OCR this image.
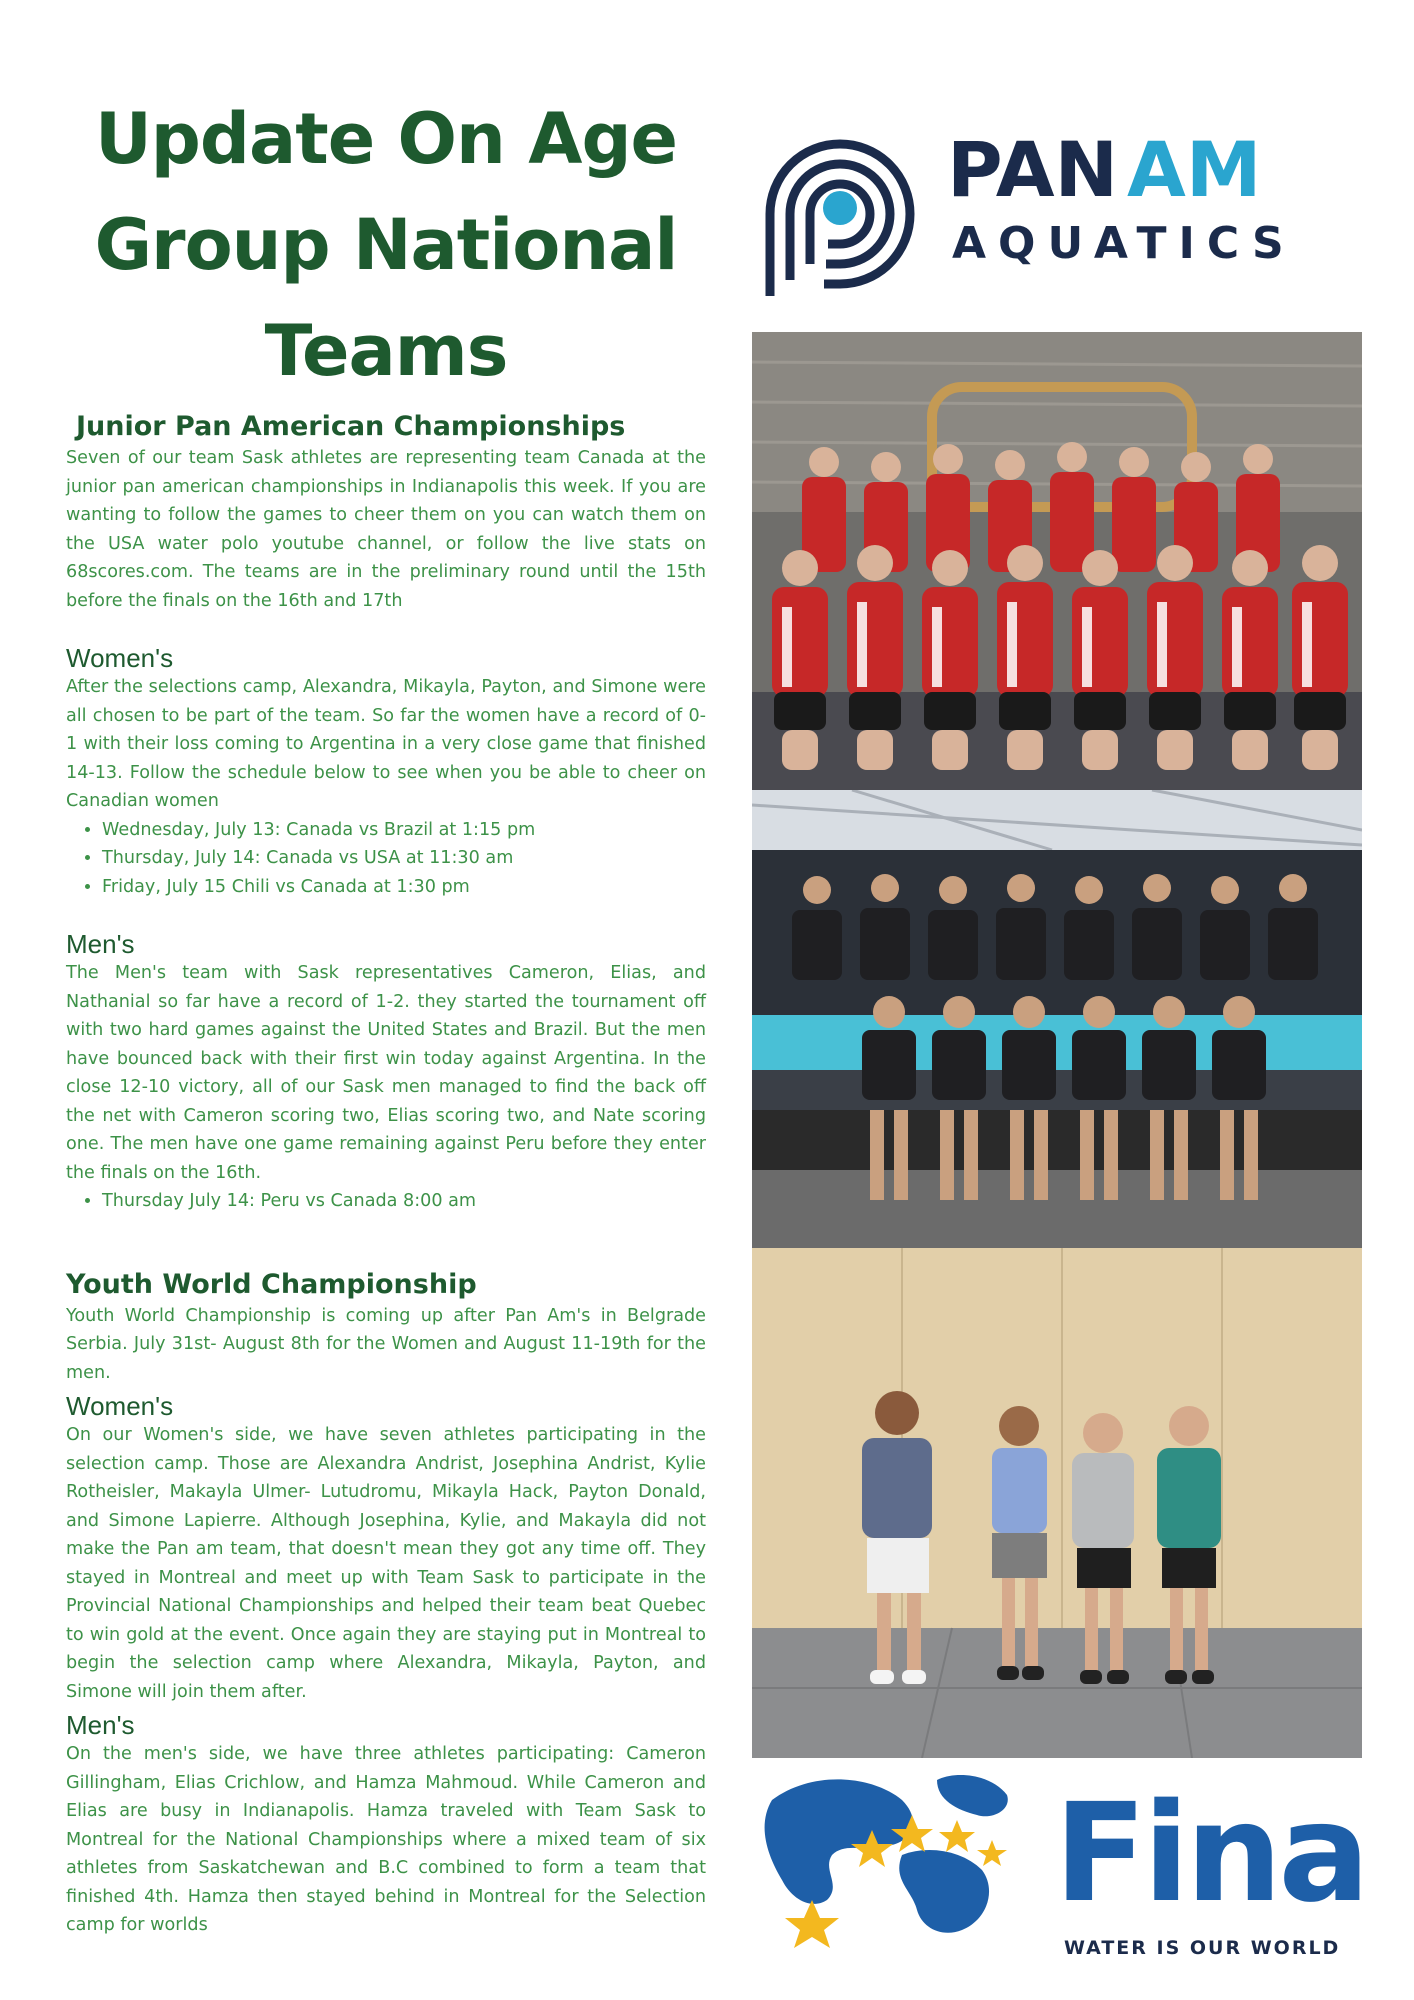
Update On Age
Group National
Teams
Junior Pan American Championships

Seven of our team Sask athletes are representing team Canada at the junior pan american championships in Indianapolis this week. If you are wanting to follow the games to cheer them on you can watch them on the USA water polo youtube channel, or follow the live stats on 68scores.com. The teams are in the preliminary round until the 15th before the finals on the 16th and 17th

Women's

After the selections camp, Alexandra, Mikayla, Payton, and Simone were all chosen to be part of the team. So far the women have a record of 0-1 with their loss coming to Argentina in a very close game that finished 14-13. Follow the schedule below to see when you be able to cheer on Canadian women

• Wednesday, July 13: Canada vs Brazil at 1:15 pm
• Thursday, July 14: Canada vs USA at 11:30 am
• Friday, July 15 Chili vs Canada at 1:30 pm
Men's

The Men's team with Sask representatives Cameron, Elias, and Nathanial so far have a record of 1-2. they started the tournament off with two hard games against the United States and Brazil. But the men have bounced back with their first win today against Argentina. In the close 12-10 victory, all of our Sask men managed to find the back off the net with Cameron scoring two, Elias scoring two, and Nate scoring one. The men have one game remaining against Peru before they enter the finals on the 16th.

• Thursday July 14: Peru vs Canada 8:00 am
Youth World Championship

Youth World Championship is coming up after Pan Am's in Belgrade Serbia. July 31st- August 8th for the Women and August 11-19th for the men.

Women's

On our Women's side, we have seven athletes participating in the selection camp. Those are Alexandra Andrist, Josephina Andrist, Kylie Rotheisler, Makayla Ulmer- Lutudromu, Mikayla Hack, Payton Donald, and Simone Lapierre. Although Josephina, Kylie, and Makayla did not make the Pan am team, that doesn't mean they got any time off. They stayed in Montreal and meet up with Team Sask to participate in the Provincial National Championships and helped their team beat Quebec to win gold at the event. Once again they are staying put in Montreal to begin the selection camp where Alexandra, Mikayla, Payton, and Simone will join them after.

Men's

On the men's side, we have three athletes participating: Cameron Gillingham, Elias Crichlow, and Hamza Mahmoud. While Cameron and Elias are busy in Indianapolis. Hamza traveled with Team Sask to Montreal for the National Championships where a mixed team of six athletes from Saskatchewan and B.C combined to form a team that finished 4th. Hamza then stayed behind in Montreal for the Selection camp for worlds

PAN AM
AQUATICS
Fina
WATER IS OUR WORLD
